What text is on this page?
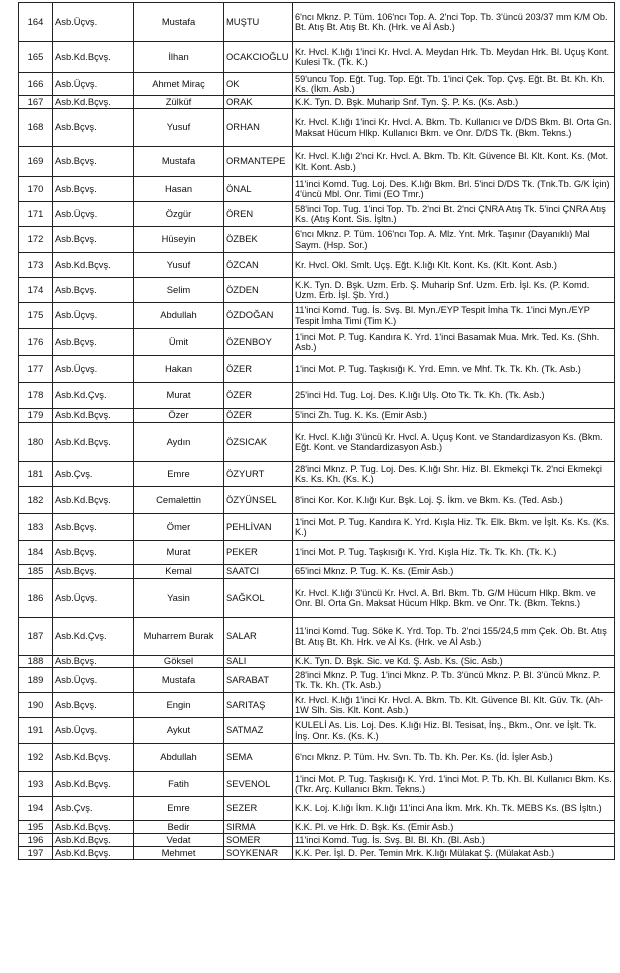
164	Asb.Üçvş.	Mustafa	MUŞTU	6'ncı Mknz. P. Tüm. 106'ncı Top. A. 2'nci Top. Tb. 3'üncü 203/37 mm K/M Ob. Bt. Atış Bt. Atış Bt. Kh. (Hrk. ve Aİ Asb.)
165	Asb.Kd.Bçvş.	İlhan	OCAKCIOĞLU	Kr. Hvcl. K.lığı 1'inci Kr. Hvcl. A. Meydan Hrk. Tb. Meydan Hrk. Bl. Uçuş Kont. Kulesi Tk. (Tk. K.)
166	Asb.Üçvş.	Ahmet Miraç	OK	59'uncu Top. Eğt. Tug. Top. Eğt. Tb. 1'inci Çek. Top. Çvş. Eğt. Bt. Bt. Kh. Kh. Ks. (İkm. Asb.)
167	Asb.Kd.Bçvş.	Zülküf	ORAK	K.K. Tyn. D. Bşk. Muharip Snf. Tyn. Ş. P. Ks. (Ks. Asb.)
168	Asb.Bçvş.	Yusuf	ORHAN	Kr. Hvcl. K.lığı 1'inci Kr. Hvcl. A. Bkm. Tb. Kullanıcı ve D/DS Bkm. Bl. Orta Gn. Maksat Hücum Hlkp. Kullanıcı Bkm. ve Onr. D/DS Tk. (Bkm. Tekns.)
169	Asb.Bçvş.	Mustafa	ORMANTEPE	Kr. Hvcl. K.lığı 2'nci Kr. Hvcl. A. Bkm. Tb. Klt. Güvence Bl. Klt. Kont. Ks. (Mot. Klt. Kont. Asb.)
170	Asb.Bçvş.	Hasan	ÖNAL	11'inci Komd. Tug. Loj. Des. K.lığı Bkm. Brl. 5'inci D/DS Tk. (Tnk.Tb. G/K İçin) 4'üncü Mbl. Onr. Timi (EO Tmr.)
171	Asb.Üçvş.	Özgür	ÖREN	58'inci Top. Tug. 1'inci Top. Tb. 2'nci Bt. 2'nci ÇNRA Atış Tk. 5'inci ÇNRA Atış Ks. (Atış Kont. Sis. İşltn.)
172	Asb.Bçvş.	Hüseyin	ÖZBEK	6'ncı Mknz. P. Tüm. 106'ncı Top. A. Mlz. Ynt. Mrk. Taşınır (Dayanıklı) Mal Saym. (Hsp. Sor.)
173	Asb.Kd.Bçvş.	Yusuf	ÖZCAN	Kr. Hvcl. Okl. Smlt. Uçş. Eğt. K.lığı Klt. Kont. Ks. (Klt. Kont. Asb.)
174	Asb.Bçvş.	Selim	ÖZDEN	K.K. Tyn. D. Bşk. Uzm. Erb. Ş. Muharip Snf. Uzm. Erb. İşl. Ks. (P. Komd. Uzm. Erb. İşl. Şb. Yrd.)
175	Asb.Üçvş.	Abdullah	ÖZDOĞAN	11'inci Komd. Tug. İs. Svş. Bl. Myn./EYP Tespit İmha Tk. 1'inci Myn./EYP Tespit İmha Timi (Tim K.)
176	Asb.Bçvş.	Ümit	ÖZENBOY	1'inci Mot. P. Tug. Kandıra K. Yrd. 1'inci Basamak Mua. Mrk. Ted. Ks. (Shh. Asb.)
177	Asb.Üçvş.	Hakan	ÖZER	1'inci Mot. P. Tug. Taşkısığı K. Yrd. Emn. ve Mhf. Tk. Tk. Kh. (Tk. Asb.)
178	Asb.Kd.Çvş.	Murat	ÖZER	25'inci Hd. Tug. Loj. Des. K.lığı Ulş. Oto Tk. Tk. Kh. (Tk. Asb.)
179	Asb.Kd.Bçvş.	Özer	ÖZER	5'inci Zh. Tug. K. Ks. (Emir Asb.)
180	Asb.Kd.Bçvş.	Aydın	ÖZSICAK	Kr. Hvcl. K.lığı 3'üncü Kr. Hvcl. A. Uçuş Kont. ve Standardizasyon Ks. (Bkm. Eğt. Kont. ve Standardizasyon Asb.)
181	Asb.Çvş.	Emre	ÖZYURT	28'inci Mknz. P. Tug. Loj. Des. K.lığı Shr. Hiz. Bl. Ekmekçi Tk. 2'nci Ekmekçi Ks. Ks. Kh. (Ks. K.)
182	Asb.Kd.Bçvş.	Cemalettin	ÖZYÜNSEL	8'inci Kor. Kor. K.lığı Kur. Bşk. Loj. Ş. İkm. ve Bkm. Ks. (Ted. Asb.)
183	Asb.Bçvş.	Ömer	PEHLİVAN	1'inci Mot. P. Tug. Kandıra K. Yrd. Kışla Hiz. Tk. Elk. Bkm. ve İşlt. Ks. Ks. (Ks. K.)
184	Asb.Bçvş.	Murat	PEKER	1'inci Mot. P. Tug. Taşkısığı K. Yrd. Kışla Hiz. Tk. Tk. Kh. (Tk. K.)
185	Asb.Bçvş.	Kemal	SAATCI	65'inci Mknz. P. Tug. K. Ks. (Emir Asb.)
186	Asb.Üçvş.	Yasin	SAĞKOL	Kr. Hvcl. K.lığı 3'üncü Kr. Hvcl. A. Brl. Bkm. Tb. G/M Hücum Hlkp. Bkm. ve Onr. Bl. Orta Gn. Maksat Hücum Hlkp. Bkm. ve Onr. Tk. (Bkm. Tekns.)
187	Asb.Kd.Çvş.	Muharrem Burak	SALAR	11'inci Komd. Tug. Söke K. Yrd. Top. Tb. 2'nci 155/24,5 mm Çek. Ob. Bt. Atış Bt. Atış Bt. Kh. Hrk. ve Aİ Ks. (Hrk. ve Aİ Asb.)
188	Asb.Bçvş.	Göksel	SALI	K.K. Tyn. D. Bşk. Sic. ve Kd. Ş. Asb. Ks. (Sic. Asb.)
189	Asb.Üçvş.	Mustafa	SARABAT	28'inci Mknz. P. Tug. 1'inci Mknz. P. Tb. 3'üncü Mknz. P. Bl. 3'üncü Mknz. P. Tk. Tk. Kh. (Tk. Asb.)
190	Asb.Bçvş.	Engin	SARITAŞ	Kr. Hvcl. K.lığı 1'inci Kr. Hvcl. A. Bkm. Tb. Klt. Güvence Bl. Klt. Güv. Tk. (Ah-1W Slh. Sis. Klt. Kont. Asb.)
191	Asb.Üçvş.	Aykut	SATMAZ	KULELİ As. Lis. Loj. Des. K.lığı Hiz. Bl. Tesisat, İnş., Bkm., Onr. ve İşlt. Tk. İnş. Onr. Ks. (Ks. K.)
192	Asb.Kd.Bçvş.	Abdullah	SEMA	6'ncı Mknz. P. Tüm. Hv. Svn. Tb. Tb. Kh. Per. Ks. (İd. İşler Asb.)
193	Asb.Kd.Bçvş.	Fatih	SEVENOL	1'inci Mot. P. Tug. Taşkısığı K. Yrd. 1'inci Mot. P. Tb. Kh. Bl. Kullanıcı Bkm. Ks. (Tkr. Arç. Kullanıcı Bkm. Tekns.)
194	Asb.Çvş.	Emre	SEZER	K.K. Loj. K.lığı İkm. K.lığı 11'inci Ana İkm. Mrk. Kh. Tk. MEBS Ks. (BS İşltn.)
195	Asb.Kd.Bçvş.	Bedir	SIRMA	K.K. Pl. ve Hrk. D. Bşk. Ks. (Emir Asb.)
196	Asb.Kd.Bçvş.	Vedat	SOMER	11'inci Komd. Tug. İs. Svş. Bl. Bl. Kh. (Bl. Asb.)
197	Asb.Kd.Bçvş.	Mehmet	SOYKENAR	K.K. Per. İşl. D. Per. Temin Mrk. K.lığı Mülakat Ş. (Mülakat Asb.)
